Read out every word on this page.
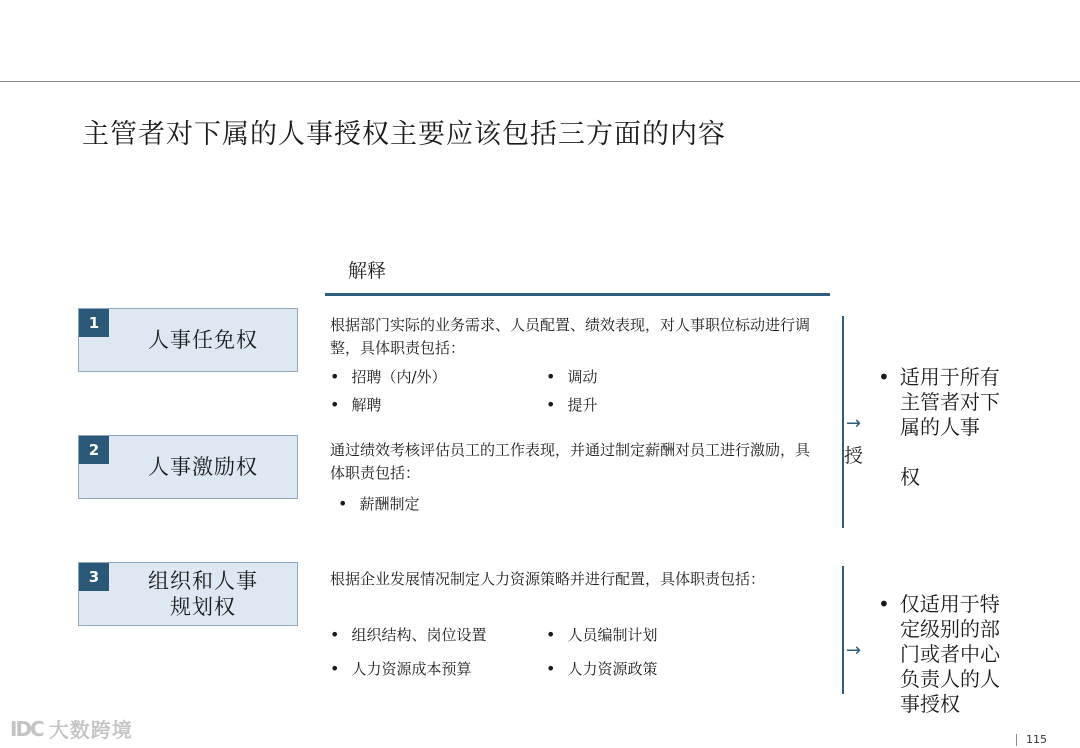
主管者对下属的人事授权主要应该包括三方面的内容
解释
1
人事任免权
2
人事激励权
3	组织和人事
规划权
根据部门实际的业务需求、人员配置、绩效表现，对人事职位标动进行调整，具体职责包括：
• 招聘（内/外）	• 调动
• 解聘	• 提升
通过绩效考核评估员工的工作表现，并通过制定薪酬对员工进行激励，具体职责包括：
• 薪酬制定
根据企业发展情况制定人力资源策略并进行配置，具体职责包括：
• 组织结构、岗位设置	• 人员编制计划
• 人力资源成本预算	• 人力资源政策
→
授
→
• 适用于所有
主管者对下
属的人事
权
• 仅适用于特
定级别的部
门或者中心
负责人的人
事授权
IDC 大数跨境	115
